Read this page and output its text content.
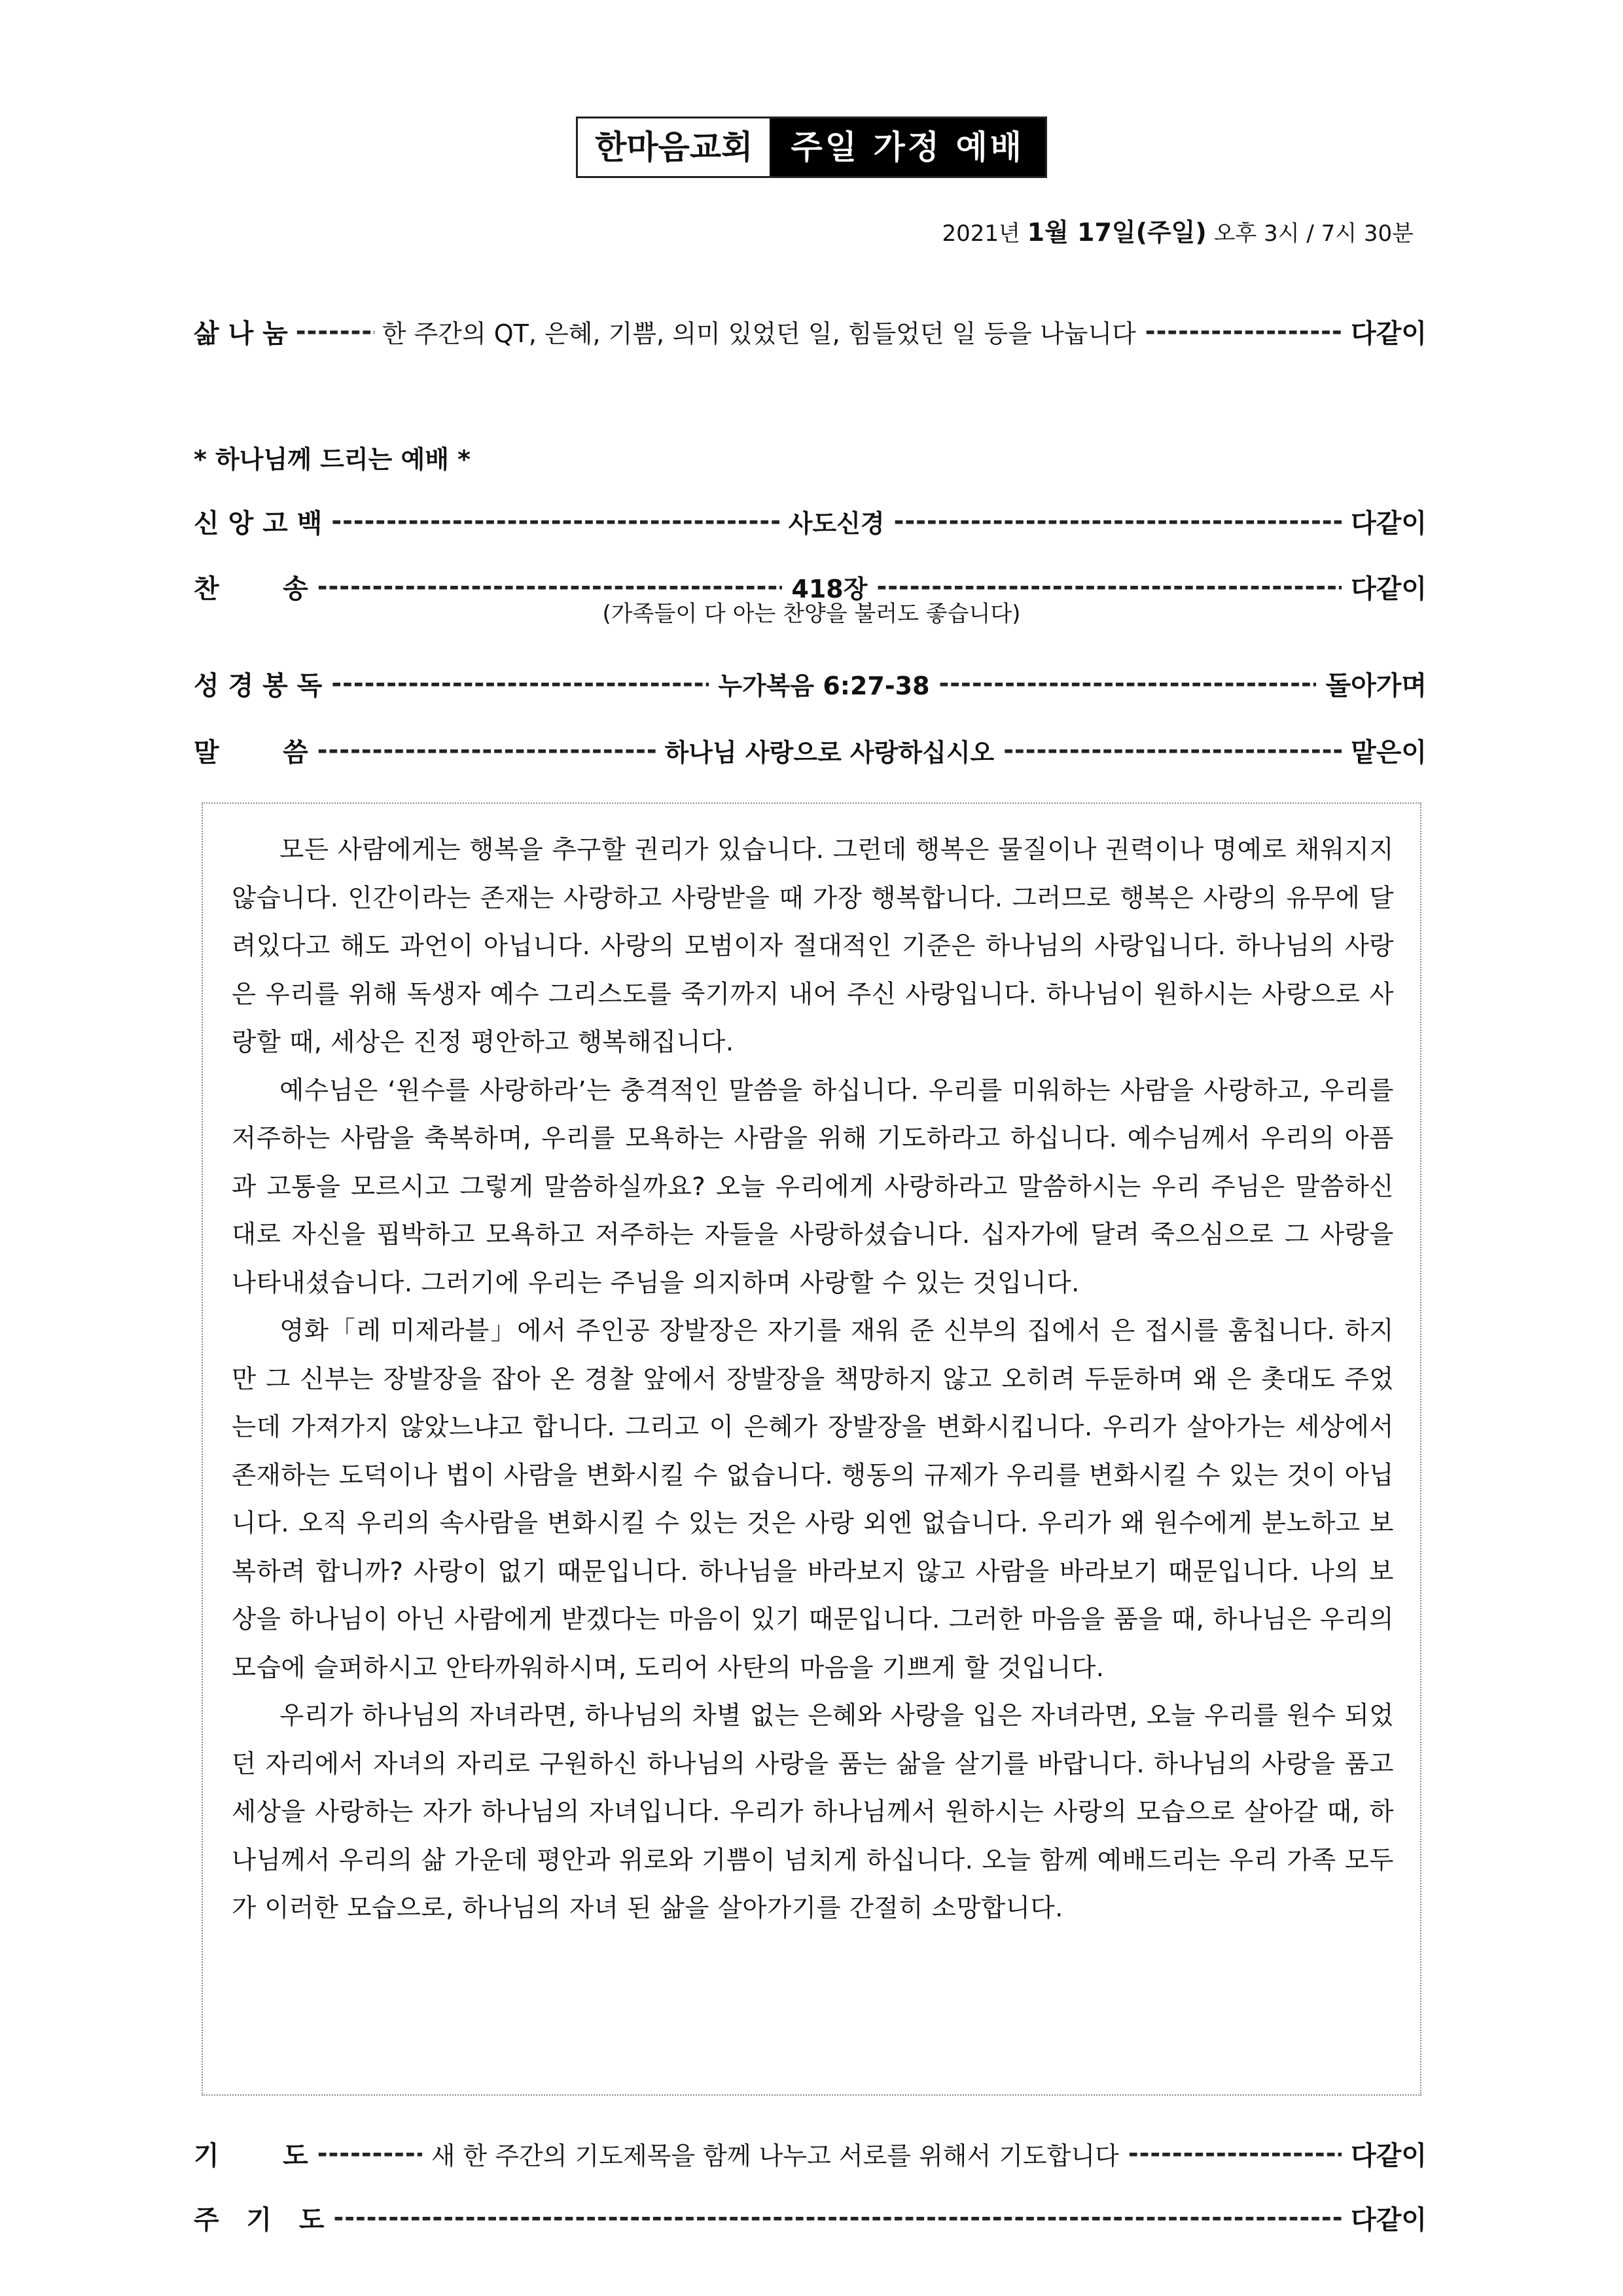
한마음교회	주일 가정 예배
2021년 1월 17일(주일) 오후 3시 / 7시 30분
삶 나 눔 -----	한 주간의 QT, 은혜, 기쁨, 의미 있었던 일, 힘들었던 일 등을 나눕니다 -----	다같이
* 하나님께 드리는 예배 *
신 앙 고 백 -----	사도신경 -----	다같이
찬       송 -----	418장 -----	다같이
(가족들이 다 아는 찬양을 불러도 좋습니다)
성 경 봉 독 -----	누가복음 6:27-38 -----	돌아가며
말       씀 -----	하나님 사랑으로 사랑하십시오 -----	맡은이

모든 사람에게는 행복을 추구할 권리가 있습니다. 그런데 행복은 물질이나 권력이나 명예로 채워지지 않습니다. 인간이라는 존재는 사랑하고 사랑받을 때 가장 행복합니다. 그러므로 행복은 사랑의 유무에 달려있다고 해도 과언이 아닙니다. 사랑의 모범이자 절대적인 기준은 하나님의 사랑입니다. 하나님의 사랑은 우리를 위해 독생자 예수 그리스도를 죽기까지 내어 주신 사랑입니다. 하나님이 원하시는 사랑으로 사랑할 때, 세상은 진정 평안하고 행복해집니다.

예수님은 ‘원수를 사랑하라’는 충격적인 말씀을 하십니다. 우리를 미워하는 사람을 사랑하고, 우리를 저주하는 사람을 축복하며, 우리를 모욕하는 사람을 위해 기도하라고 하십니다. 예수님께서 우리의 아픔과 고통을 모르시고 그렇게 말씀하실까요? 오늘 우리에게 사랑하라고 말씀하시는 우리 주님은 말씀하신대로 자신을 핍박하고 모욕하고 저주하는 자들을 사랑하셨습니다. 십자가에 달려 죽으심으로 그 사랑을 나타내셨습니다. 그러기에 우리는 주님을 의지하며 사랑할 수 있는 것입니다.

영화「레 미제라블」에서 주인공 장발장은 자기를 재워 준 신부의 집에서 은 접시를 훔칩니다. 하지만 그 신부는 장발장을 잡아 온 경찰 앞에서 장발장을 책망하지 않고 오히려 두둔하며 왜 은 촛대도 주었는데 가져가지 않았느냐고 합니다. 그리고 이 은혜가 장발장을 변화시킵니다. 우리가 살아가는 세상에서 존재하는 도덕이나 법이 사람을 변화시킬 수 없습니다. 행동의 규제가 우리를 변화시킬 수 있는 것이 아닙니다. 오직 우리의 속사람을 변화시킬 수 있는 것은 사랑 외엔 없습니다. 우리가 왜 원수에게 분노하고 보복하려 합니까? 사랑이 없기 때문입니다. 하나님을 바라보지 않고 사람을 바라보기 때문입니다. 나의 보상을 하나님이 아닌 사람에게 받겠다는 마음이 있기 때문입니다. 그러한 마음을 품을 때, 하나님은 우리의 모습에 슬퍼하시고 안타까워하시며, 도리어 사탄의 마음을 기쁘게 할 것입니다.

우리가 하나님의 자녀라면, 하나님의 차별 없는 은혜와 사랑을 입은 자녀라면, 오늘 우리를 원수 되었던 자리에서 자녀의 자리로 구원하신 하나님의 사랑을 품는 삶을 살기를 바랍니다. 하나님의 사랑을 품고 세상을 사랑하는 자가 하나님의 자녀입니다. 우리가 하나님께서 원하시는 사랑의 모습으로 살아갈 때, 하나님께서 우리의 삶 가운데 평안과 위로와 기쁨이 넘치게 하십니다. 오늘 함께 예배드리는 우리 가족 모두가 이러한 모습으로, 하나님의 자녀 된 삶을 살아가기를 간절히 소망합니다.

기       도 -----	새 한 주간의 기도제목을 함께 나누고 서로를 위해서 기도합니다 -----	다같이
주   기   도 -----	다같이
